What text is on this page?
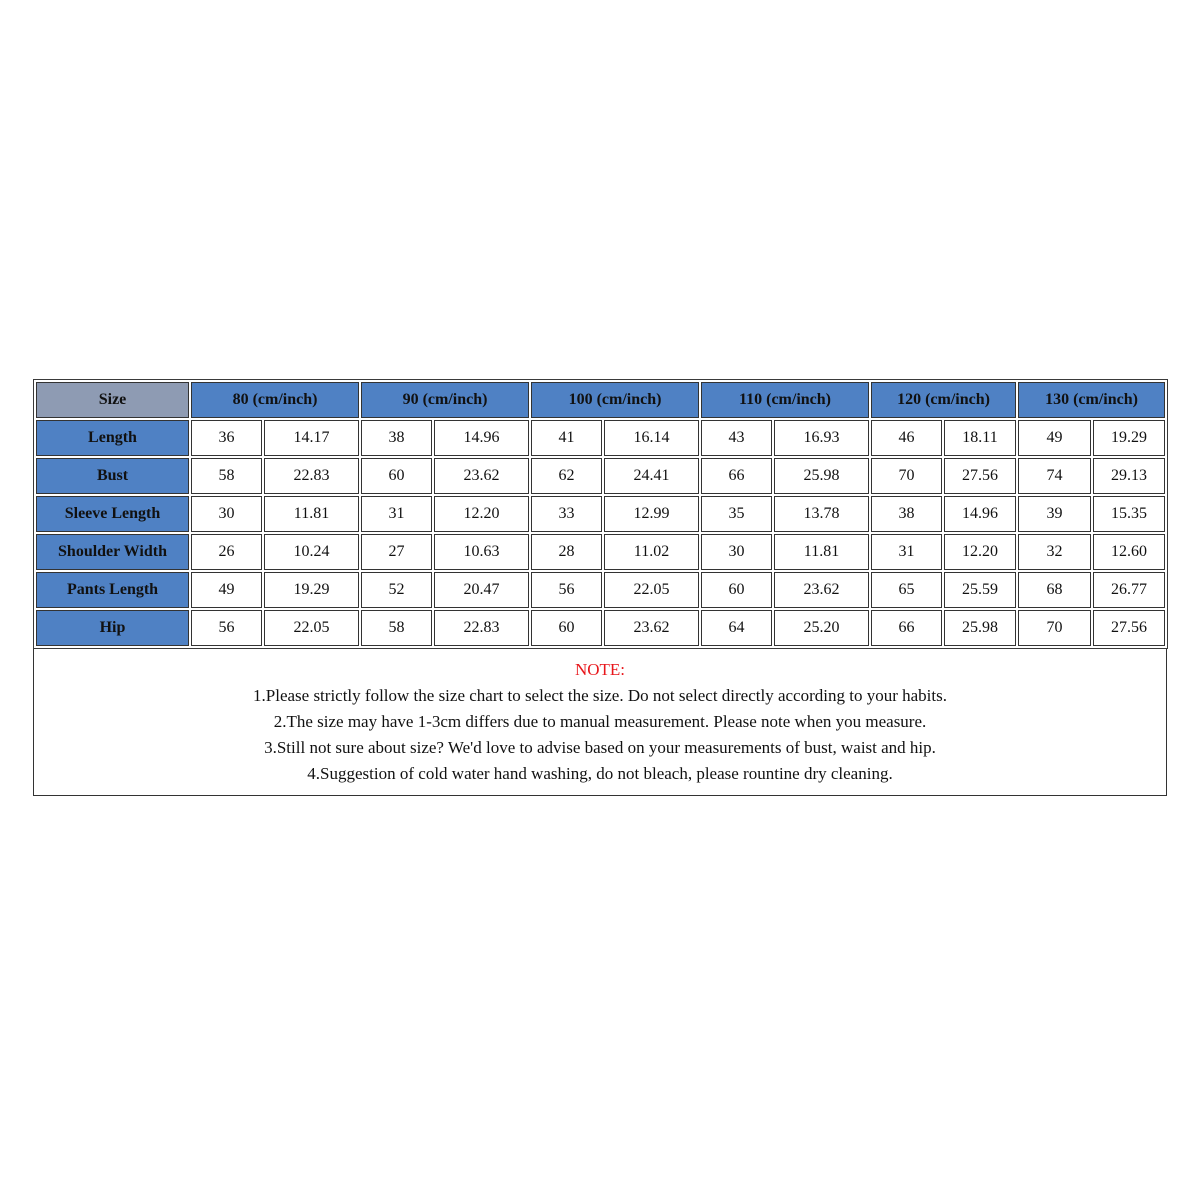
Size	80 (cm/inch)		90 (cm/inch)		100 (cm/inch)		110 (cm/inch)		120 (cm/inch)		130 (cm/inch)	
Length	36	14.17	38	14.96	41	16.14	43	16.93	46	18.11	49	19.29
Bust	58	22.83	60	23.62	62	24.41	66	25.98	70	27.56	74	29.13
Sleeve Length	30	11.81	31	12.20	33	12.99	35	13.78	38	14.96	39	15.35
Shoulder Width	26	10.24	27	10.63	28	11.02	30	11.81	31	12.20	32	12.60
Pants Length	49	19.29	52	20.47	56	22.05	60	23.62	65	25.59	68	26.77
Hip	56	22.05	58	22.83	60	23.62	64	25.20	66	25.98	70	27.56
NOTE:
1.Please strictly follow the size chart to select the size. Do not select directly according to your habits.
2.The size may have 1-3cm differs due to manual measurement. Please note when you measure.
3.Still not sure about size? We'd love to advise based on your measurements of bust, waist and hip.
4.Suggestion of cold water hand washing, do not bleach, please rountine dry cleaning.
